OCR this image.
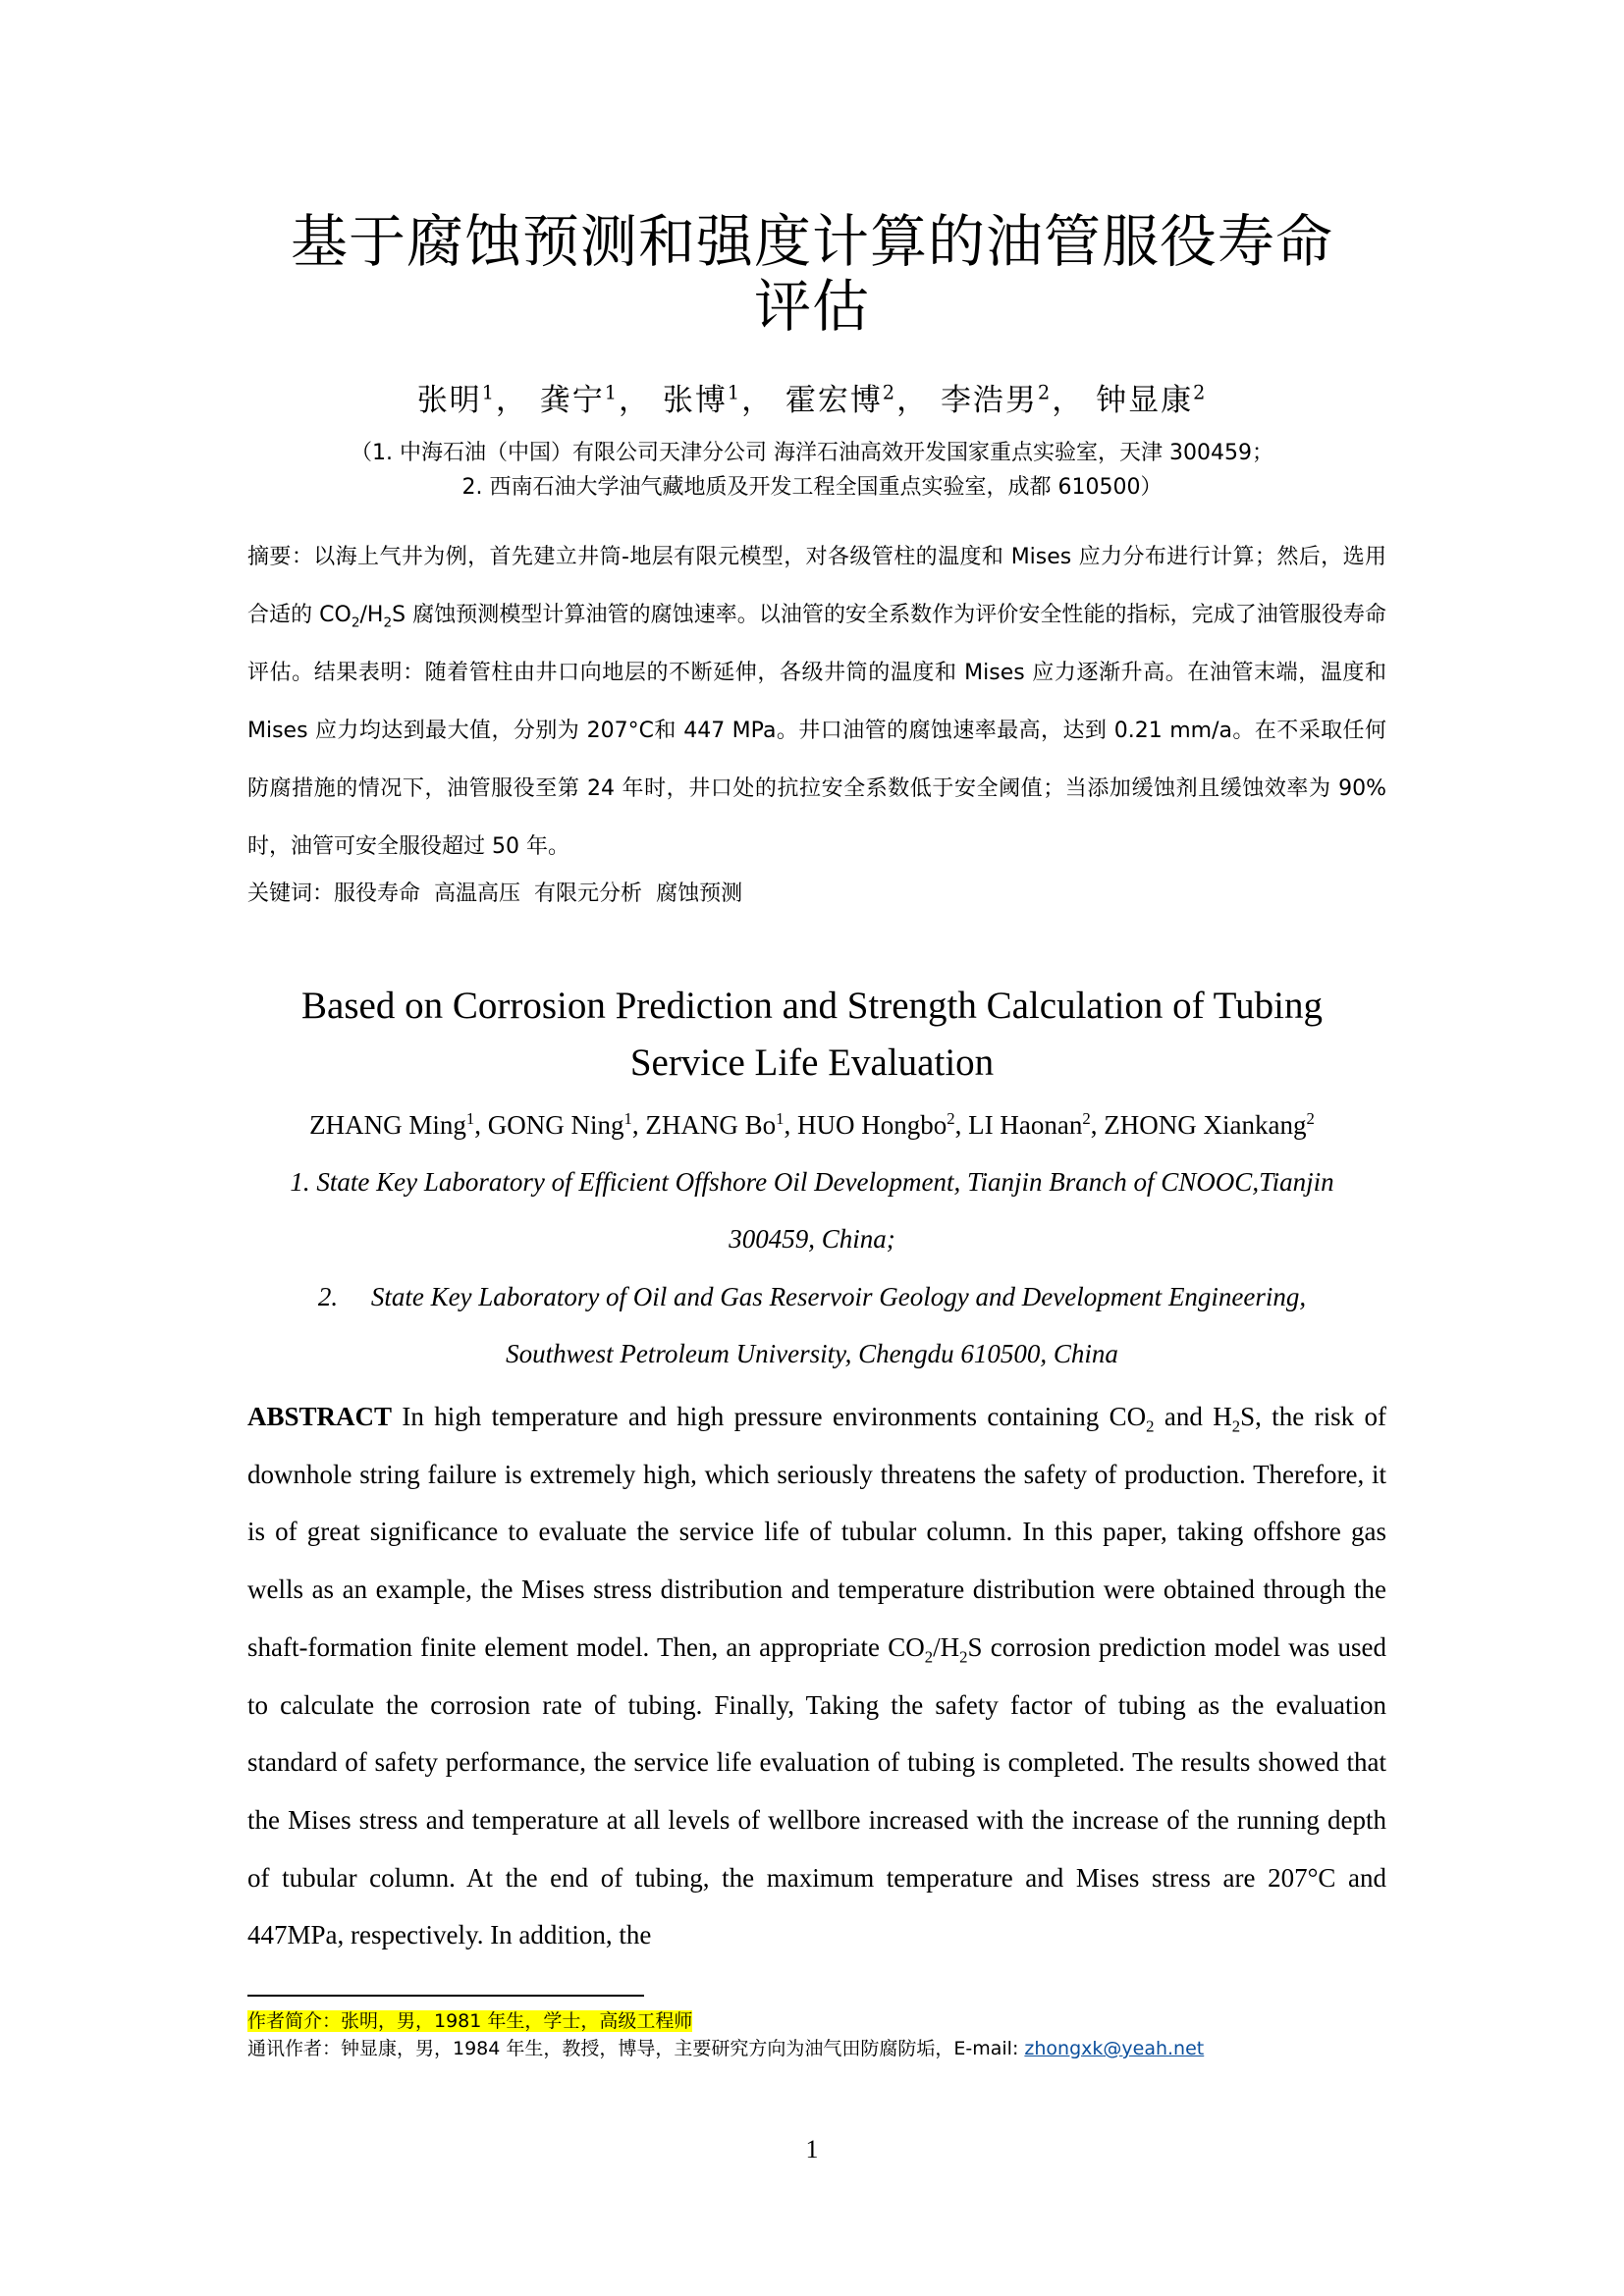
基于腐蚀预测和强度计算的油管服役寿命
评估
张明$^1$， 龚宁$^1$， 张博$^1$， 霍宏博$^2$， 李浩男$^2$， 钟显康$^2$
（1. 中海石油（中国）有限公司天津分公司 海洋石油高效开发国家重点实验室，天津 300459；
2. 西南石油大学油气藏地质及开发工程全国重点实验室，成都 610500）
摘要：以海上气井为例，首先建立井筒-地层有限元模型，对各级管柱的温度和 Mises 应力分布进行计算；然后，选用合适的 $CO_2/H_2S$ 腐蚀预测模型计算油管的腐蚀速率。以油管的安全系数作为评价安全性能的指标，完成了油管服役寿命评估。结果表明：随着管柱由井口向地层的不断延伸，各级井筒的温度和 Mises 应力逐渐升高。在油管末端，温度和 Mises 应力均达到最大值，分别为 207°C和 447 MPa。井口油管的腐蚀速率最高，达到 0.21 mm/a。在不采取任何防腐措施的情况下，油管服役至第 24 年时，井口处的抗拉安全系数低于安全阈值；当添加缓蚀剂且缓蚀效率为 90%时，油管可安全服役超过 50 年。
关键词：服役寿命 高温高压 有限元分析 腐蚀预测
Based on Corrosion Prediction and Strength Calculation of Tubing
Service Life Evaluation
ZHANG Ming$^1$, GONG Ning$^1$, ZHANG Bo$^1$, HUO Hongbo$^2$, LI Haonan$^2$, ZHONG Xiankang$^2$
1. State Key Laboratory of Efficient Offshore Oil Development, Tianjin Branch of CNOOC,Tianjin
300459, China;
2. State Key Laboratory of Oil and Gas Reservoir Geology and Development Engineering,
Southwest Petroleum University, Chengdu 610500, China
ABSTRACT In high temperature and high pressure environments containing $CO_2$ and $H_2S$, the risk of downhole string failure is extremely high, which seriously threatens the safety of production. Therefore, it is of great significance to evaluate the service life of tubular column. In this paper, taking offshore gas wells as an example, the Mises stress distribution and temperature distribution were obtained through the shaft-formation finite element model. Then, an appropriate $CO_2/H_2S$ corrosion prediction model was used to calculate the corrosion rate of tubing. Finally, Taking the safety factor of tubing as the evaluation standard of safety performance, the service life evaluation of tubing is completed. The results showed that the Mises stress and temperature at all levels of wellbore increased with the increase of the running depth of tubular column. At the end of tubing, the maximum temperature and Mises stress are 207°C and 447MPa, respectively. In addition, the
作者简介：张明，男，1981 年生，学士，高级工程师
通讯作者：钟显康，男，1984 年生，教授，博导，主要研究方向为油气田防腐防垢，E-mail: zhongxk@yeah.net
1
